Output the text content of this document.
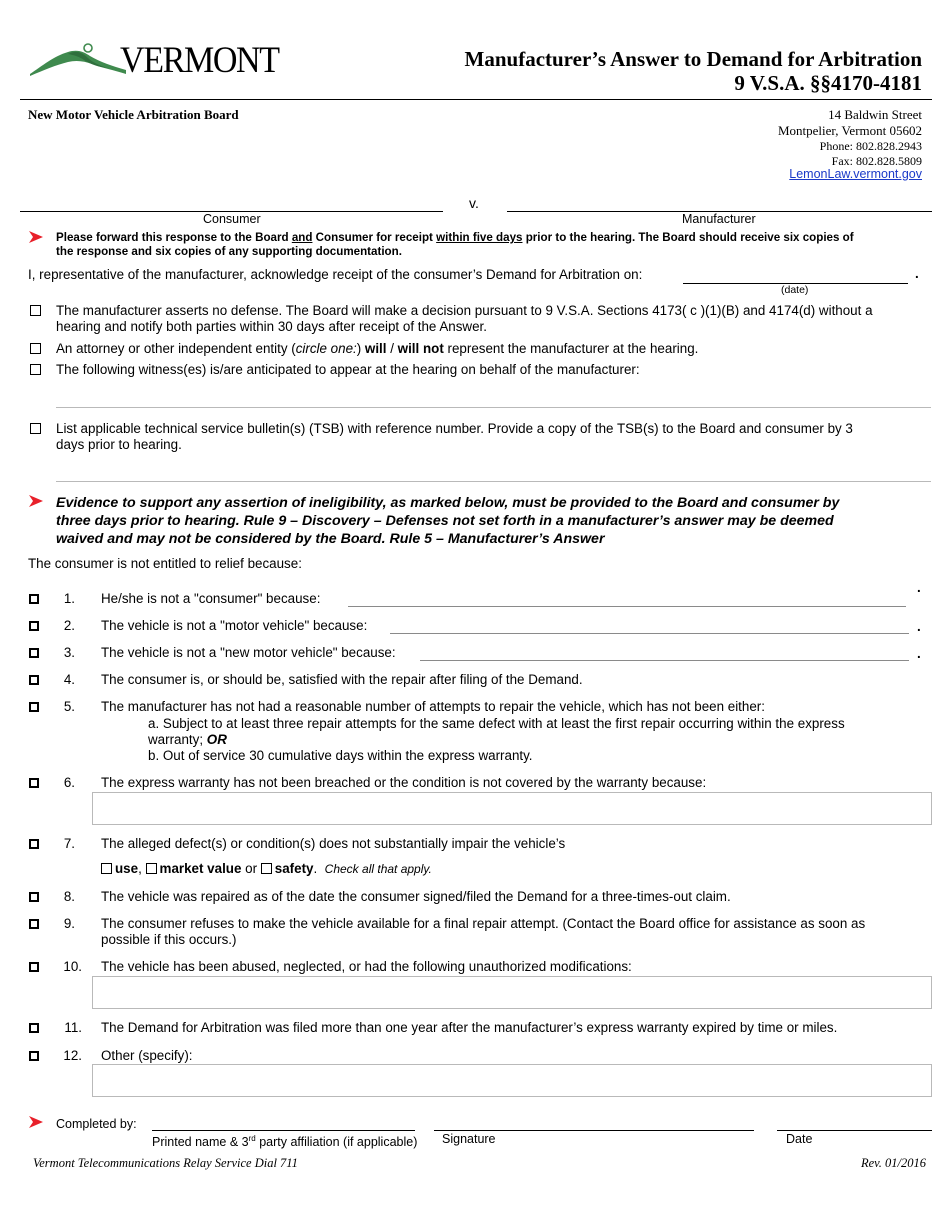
VERMONT	Manufacturer’s Answer to Demand for Arbitration
9 V.S.A. §§4170-4181
New Motor Vehicle Arbitration Board	14 Baldwin Street
Montpelier, Vermont 05602
Phone: 802.828.2943
Fax: 802.828.5809
LemonLaw.vermont.gov
v.
Consumer	Manufacturer
Please forward this response to the Board and Consumer for receipt within five days prior to the hearing. The Board should receive six copies of
the response and six copies of any supporting documentation.
I, representative of the manufacturer, acknowledge receipt of the consumer’s Demand for Arbitration on:	.
(date)
The manufacturer asserts no defense. The Board will make a decision pursuant to 9 V.S.A. Sections 4173( c )(1)(B) and 4174(d) without a
hearing and notify both parties within 30 days after receipt of the Answer.
An attorney or other independent entity (circle one:) will / will not represent the manufacturer at the hearing.
The following witness(es) is/are anticipated to appear at the hearing on behalf of the manufacturer:
List applicable technical service bulletin(s) (TSB) with reference number. Provide a copy of the TSB(s) to the Board and consumer by 3
days prior to hearing.
Evidence to support any assertion of ineligibility, as marked below, must be provided to the Board and consumer by
three days prior to hearing. Rule 9 – Discovery – Defenses not set forth in a manufacturer’s answer may be deemed
waived and may not be considered by the Board. Rule 5 – Manufacturer’s Answer
The consumer is not entitled to relief because:
.
1. He/she is not a "consumer" because:
2. The vehicle is not a "motor vehicle" because:	.
3. The vehicle is not a "new motor vehicle" because:	.
4. The consumer is, or should be, satisfied with the repair after filing of the Demand.
5. The manufacturer has not had a reasonable number of attempts to repair the vehicle, which has not been either:
a. Subject to at least three repair attempts for the same defect with at least the first repair occurring within the express
warranty; OR
b. Out of service 30 cumulative days within the express warranty.
6. The express warranty has not been breached or the condition is not covered by the warranty because:
7. The alleged defect(s) or condition(s) does not substantially impair the vehicle’s
use, market value or safety.  Check all that apply.
8. The vehicle was repaired as of the date the consumer signed/filed the Demand for a three-times-out claim.
9. The consumer refuses to make the vehicle available for a final repair attempt. (Contact the Board office for assistance as soon as
possible if this occurs.)
10. The vehicle has been abused, neglected, or had the following unauthorized modifications:
11. The Demand for Arbitration was filed more than one year after the manufacturer’s express warranty expired by time or miles.
12. Other (specify):
Completed by:
Printed name & 3rd party affiliation (if applicable) Signature	Date
Vermont Telecommunications Relay Service Dial 711	Rev. 01/2016
